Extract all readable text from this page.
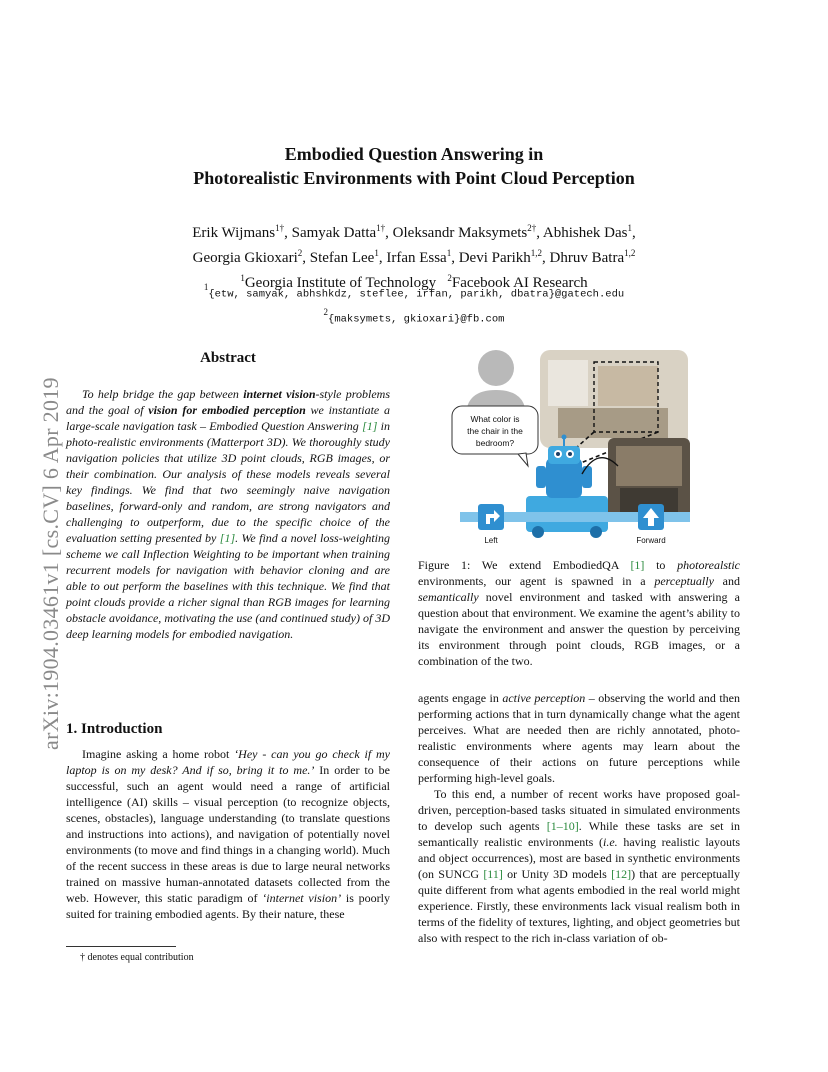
arXiv:1904.03461v1 [cs.CV] 6 Apr 2019
Embodied Question Answering in
Photorealistic Environments with Point Cloud Perception
Erik Wijmans$^{1\dagger}$, Samyak Datta$^{1\dagger}$, Oleksandr Maksymets$^{2\dagger}$, Abhishek Das$^1$,
Georgia Gkioxari$^2$, Stefan Lee$^1$, Irfan Essa$^1$, Devi Parikh$^{1,2}$, Dhruv Batra$^{1,2}$
$^1$Georgia Institute of Technology $^2$Facebook AI Research
$^1${etw, samyak, abhshkdz, steflee, irfan, parikh, dbatra}@gatech.edu
$^2${maksymets, gkioxari}@fb.com
Abstract
To help bridge the gap between internet vision-style problems and the goal of vision for embodied perception we instantiate a large-scale navigation task – Embodied Question Answering [1] in photo-realistic environments (Matterport 3D). We thoroughly study navigation policies that utilize 3D point clouds, RGB images, or their combination. Our analysis of these models reveals several key findings. We find that two seemingly naive navigation baselines, forward-only and random, are strong navigators and challenging to outperform, due to the specific choice of the evaluation setting presented by [1]. We find a novel loss-weighting scheme we call Inflection Weighting to be important when training recurrent models for navigation with behavior cloning and are able to out perform the baselines with this technique. We find that point clouds provide a richer signal than RGB images for learning obstacle avoidance, motivating the use (and continued study) of 3D deep learning models for embodied navigation.
1. Introduction
Imagine asking a home robot ‘Hey - can you go check if my laptop is on my desk? And if so, bring it to me.’ In order to be successful, such an agent would need a range of artificial intelligence (AI) skills – visual perception (to recognize objects, scenes, obstacles), language understanding (to translate questions and instructions into actions), and navigation of potentially novel environments (to move and find things in a changing world). Much of the recent success in these areas is due to large neural networks trained on massive human-annotated datasets collected from the web. However, this static paradigm of ‘internet vision’ is poorly suited for training embodied agents. By their nature, these
† denotes equal contribution
What color is
the chair in the
bedroom?
Left	Forward
Figure 1: We extend EmbodiedQA [1] to photorealstic environments, our agent is spawned in a perceptually and semantically novel environment and tasked with answering a question about that environment. We examine the agent’s ability to navigate the environment and answer the question by perceiving its environment through point clouds, RGB images, or a combination of the two.

agents engage in active perception – observing the world and then performing actions that in turn dynamically change what the agent perceives. What are needed then are richly annotated, photo-realistic environments where agents may learn about the consequence of their actions on future perceptions while performing high-level goals.

To this end, a number of recent works have proposed goal-driven, perception-based tasks situated in simulated environments to develop such agents [1–10]. While these tasks are set in semantically realistic environments (i.e. having realistic layouts and object occurrences), most are based in synthetic environments (on SUNCG [11] or Unity 3D models [12]) that are perceptually quite different from what agents embodied in the real world might experience. Firstly, these environments lack visual realism both in terms of the fidelity of textures, lighting, and object geometries but also with respect to the rich in-class variation of ob-
